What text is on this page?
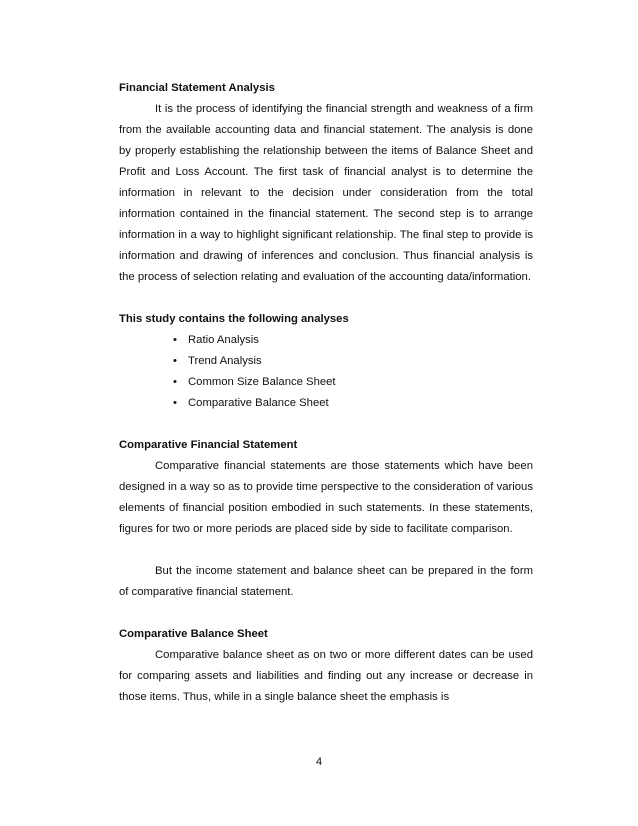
Financial Statement Analysis

It is the process of identifying the financial strength and weakness of a firm from the available accounting data and financial statement. The analysis is done by properly establishing the relationship between the items of Balance Sheet and Profit and Loss Account. The first task of financial analyst is to determine the information in relevant to the decision under consideration from the total information contained in the financial statement. The second step is to arrange information in a way to highlight significant relationship. The final step to provide is information and drawing of inferences and conclusion. Thus financial analysis is the process of selection relating and evaluation of the accounting data/information.

This study contains the following analyses

• Ratio Analysis
• Trend Analysis
• Common Size Balance Sheet
• Comparative Balance Sheet

Comparative Financial Statement

Comparative financial statements are those statements which have been designed in a way so as to provide time perspective to the consideration of various elements of financial position embodied in such statements. In these statements, figures for two or more periods are placed side by side to facilitate comparison.

But the income statement and balance sheet can be prepared in the form of comparative financial statement.

Comparative Balance Sheet

Comparative balance sheet as on two or more different dates can be used for comparing assets and liabilities and finding out any increase or decrease in those items. Thus, while in a single balance sheet the emphasis is

4
